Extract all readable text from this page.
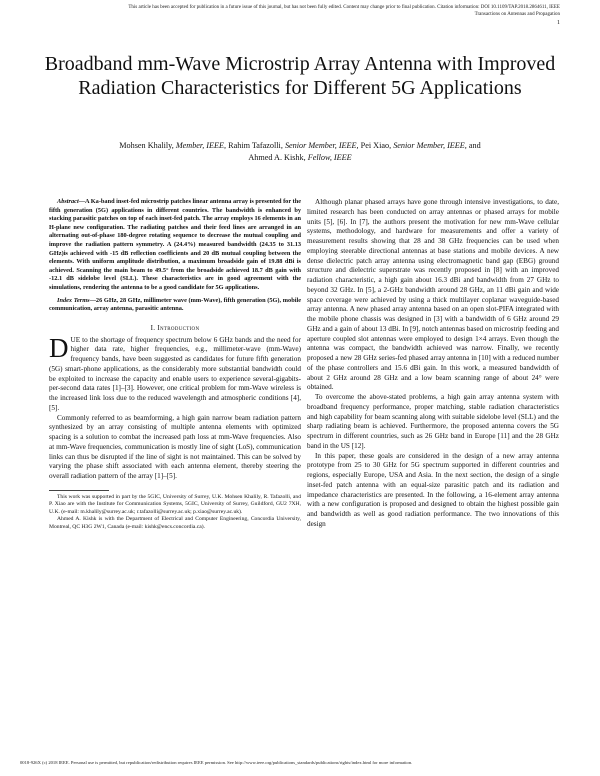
This article has been accepted for publication in a future issue of this journal, but has not been fully edited. Content may change prior to final publication. Citation information: DOI 10.1109/TAP.2018.2864611, IEEE
Transactions on Antennas and Propagation
1
Broadband mm-Wave Microstrip Array Antenna with Improved Radiation Characteristics for Different 5G Applications
Mohsen Khalily, Member, IEEE, Rahim Tafazolli, Senior Member, IEEE, Pei Xiao, Senior Member, IEEE, and
Ahmed A. Kishk, Fellow, IEEE

Abstract—A Ka-band inset-fed microstrip patches linear antenna array is presented for the fifth generation (5G) applications in different countries. The bandwidth is enhanced by stacking parasitic patches on top of each inset-fed patch. The array employs 16 elements in an H-plane new configuration. The radiating patches and their feed lines are arranged in an alternating out-of-phase 180-degree rotating sequence to decrease the mutual coupling and improve the radiation pattern symmetry. A (24.4%) measured bandwidth (24.35 to 31.13 GHz)is achieved with -15 dB reflection coefficients and 20 dB mutual coupling between the elements. With uniform amplitude distribution, a maximum broadside gain of 19.88 dBi is achieved. Scanning the main beam to 49.5° from the broadside achieved 18.7 dB gain with -12.1 dB sidelobe level (SLL). These characteristics are in good agreement with the simulations, rendering the antenna to be a good candidate for 5G applications.

Index Terms—26 GHz, 28 GHz, millimeter wave (mm-Wave), fifth generation (5G), mobile communication, array antenna, parasitic antenna.

I. Introduction

DUE to the shortage of frequency spectrum below 6 GHz bands and the need for higher data rate, higher frequencies, e.g., millimeter-wave (mm-Wave) frequency bands, have been suggested as candidates for future fifth generation (5G) smart-phone applications, as the considerably more substantial bandwidth could be exploited to increase the capacity and enable users to experience several-gigabits-per-second data rates [1]–[3]. However, one critical problem for mm-Wave wireless is the increased link loss due to the reduced wavelength and atmospheric conditions [4], [5].

Commonly referred to as beamforming, a high gain narrow beam radiation pattern synthesized by an array consisting of multiple antenna elements with optimized spacing is a solution to combat the increased path loss at mm-Wave frequencies. Also at mm-Wave frequencies, communication is mostly line of sight (LoS), communication links can thus be disrupted if the line of sight is not maintained. This can be solved by varying the phase shift associated with each antenna element, thereby steering the overall radiation pattern of the array [1]–[5].

This work was supported in part by the 5GIC, University of Surrey, U.K. Mohsen Khalily, R. Tafazolli, and P. Xiao are with the Institute for Communication Systems, 5GIC, University of Surrey, Guildford, GU2 7XH, U.K. (e-mail: m.khalily@surrey.ac.uk; r.tafazolli@surrey.ac.uk; p.xiao@surrey.ac.uk).

Ahmed A. Kishk is with the Department of Electrical and Computer Engineering, Concordia University, Montreal, QC H3G 2W1, Canada (e-mail: kishk@encs.concordia.ca).

Although planar phased arrays have gone through intensive investigations, to date, limited research has been conducted on array antennas or phased arrays for mobile units [5], [6]. In [7], the authors present the motivation for new mm-Wave cellular systems, methodology, and hardware for measurements and offer a variety of measurement results showing that 28 and 38 GHz frequencies can be used when employing steerable directional antennas at base stations and mobile devices. A new dense dielectric patch array antenna using electromagnetic band gap (EBG) ground structure and dielectric superstrate was recently proposed in [8] with an improved radiation characteristic, a high gain about 16.3 dBi and bandwidth from 27 GHz to beyond 32 GHz. In [5], a 2-GHz bandwidth around 28 GHz, an 11 dBi gain and wide space coverage were achieved by using a thick multilayer coplanar waveguide-based array antenna. A new phased array antenna based on an open slot-PIFA integrated with the mobile phone chassis was designed in [3] with a bandwidth of 6 GHz around 29 GHz and a gain of about 13 dBi. In [9], notch antennas based on microstrip feeding and aperture coupled slot antennas were employed to design 1×4 arrays. Even though the antenna was compact, the bandwidth achieved was narrow. Finally, we recently proposed a new 28 GHz series-fed phased array antenna in [10] with a reduced number of the phase controllers and 15.6 dBi gain. In this work, a measured bandwidth of about 2 GHz around 28 GHz and a low beam scanning range of about 24° were obtained.

To overcome the above-stated problems, a high gain array antenna system with broadband frequency performance, proper matching, stable radiation characteristics and high capability for beam scanning along with suitable sidelobe level (SLL) and the sharp radiating beam is achieved. Furthermore, the proposed antenna covers the 5G spectrum in different countries, such as 26 GHz band in Europe [11] and the 28 GHz band in the US [12].

In this paper, these goals are considered in the design of a new array antenna prototype from 25 to 30 GHz for 5G spectrum supported in different countries and regions, especially Europe, USA and Asia. In the next section, the design of a single inset-fed patch antenna with an equal-size parasitic patch and its radiation and impedance characteristics are presented. In the following, a 16-element array antenna with a new configuration is proposed and designed to obtain the highest possible gain and bandwidth as well as good radiation performance. The two innovations of this design

0018-926X (c) 2018 IEEE. Personal use is permitted, but republication/redistribution requires IEEE permission. See http://www.ieee.org/publications_standards/publications/rights/index.html for more information.
